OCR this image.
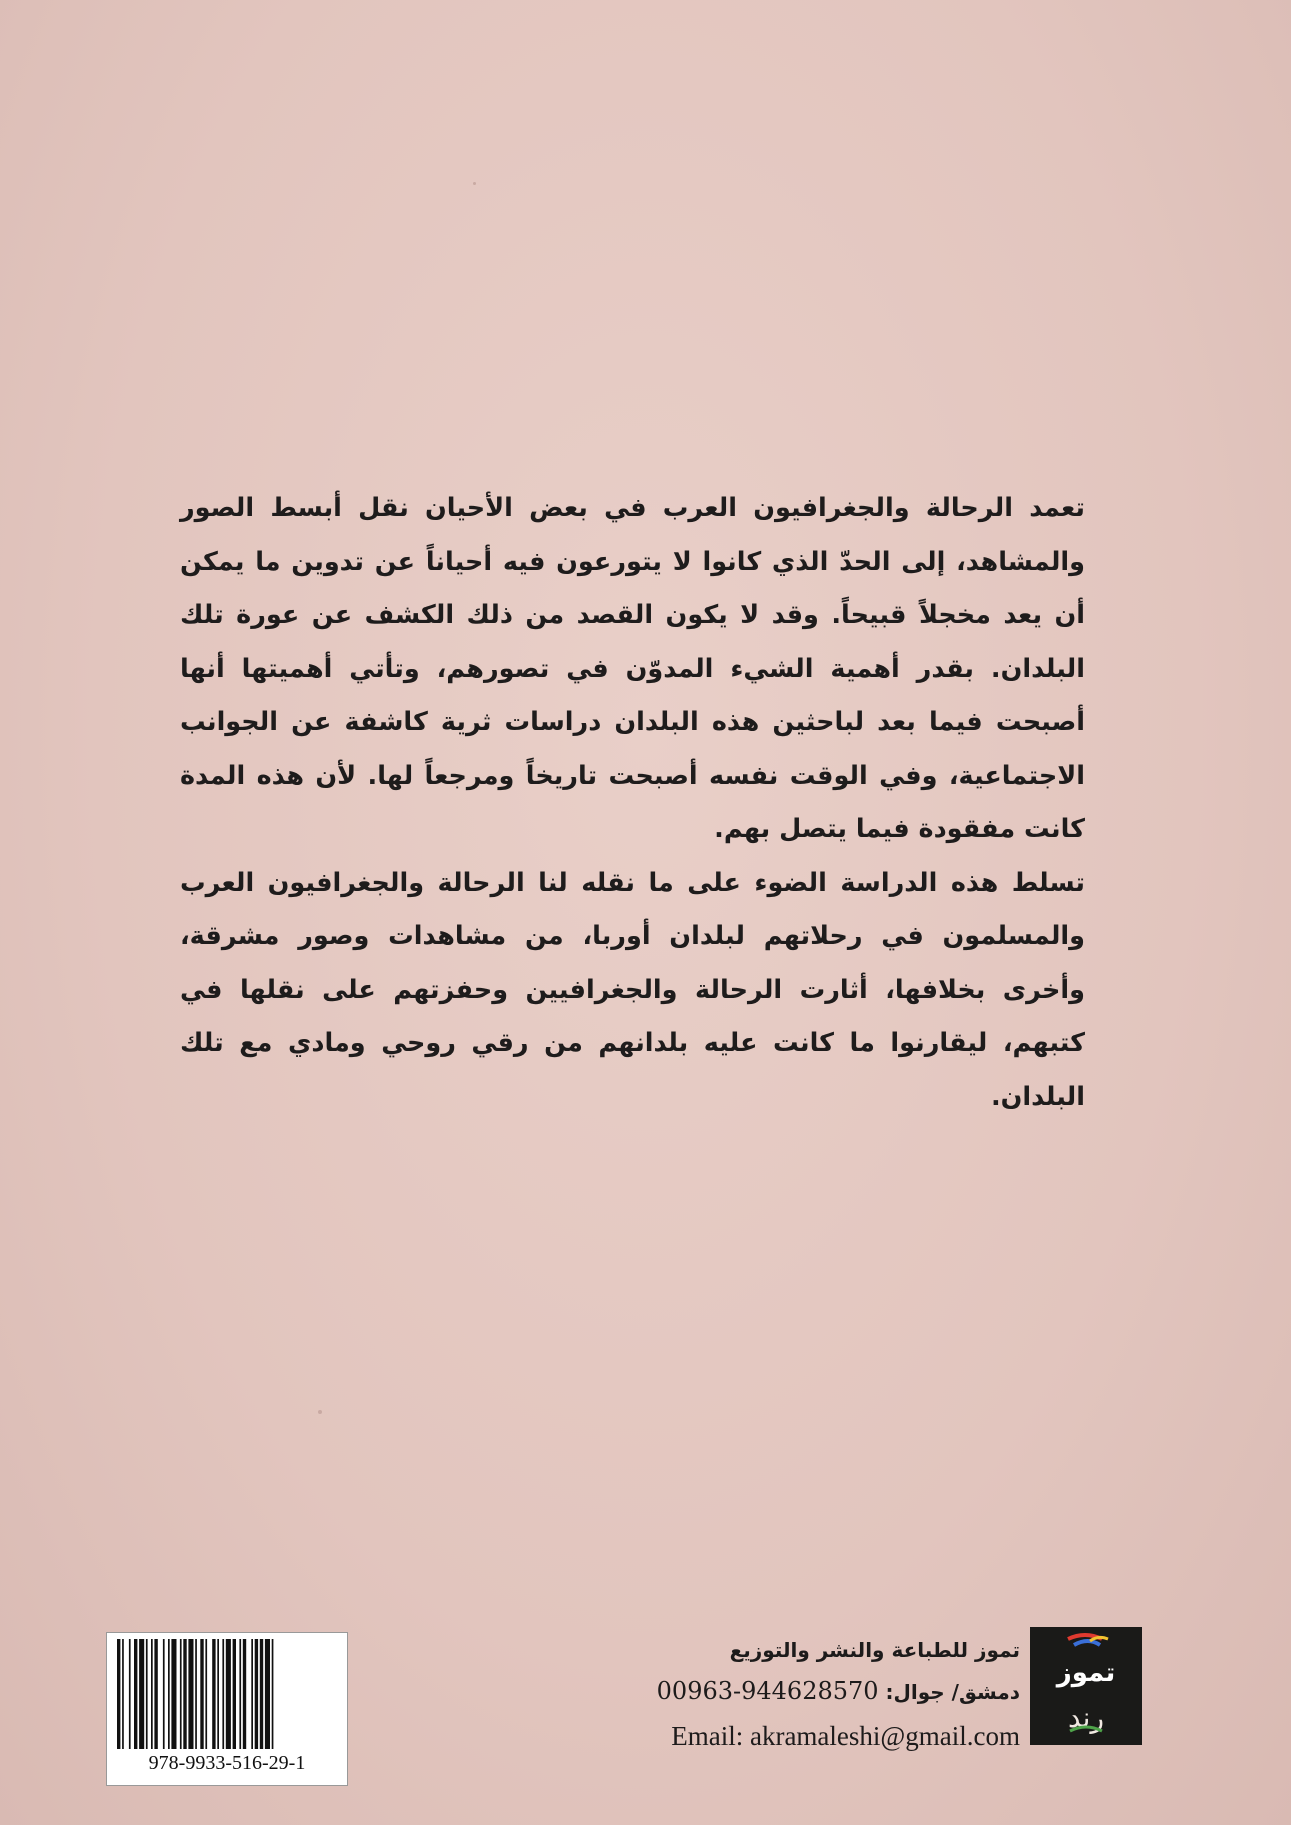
تعمد الرحالة والجغرافيون العرب في بعض الأحيان نقل أبسط الصور والمشاهد، إلى الحدّ الذي كانوا لا يتورعون فيه أحياناً عن تدوين ما يمكن أن يعد مخجلاً قبيحاً. وقد لا يكون القصد من ذلك الكشف عن عورة تلك البلدان. بقدر أهمية الشيء المدوّن في تصورهم، وتأتي أهميتها أنها أصبحت فيما بعد لباحثين هذه البلدان دراسات ثرية كاشفة عن الجوانب الاجتماعية، وفي الوقت نفسه أصبحت تاريخاً ومرجعاً لها. لأن هذه المدة كانت مفقودة فيما يتصل بهم.

تسلط هذه الدراسة الضوء على ما نقله لنا الرحالة والجغرافيون العرب والمسلمون في رحلاتهم لبلدان أوربا، من مشاهدات وصور مشرقة، وأخرى بخلافها، أثارت الرحالة والجغرافيين وحفزتهم على نقلها في كتبهم، ليقارنوا ما كانت عليه بلدانهم من رقي روحي ومادي مع تلك البلدان.

تموز للطباعة والنشر والتوزيع
دمشق/ جوال: 00963-944628570
Email: akramaleshi@gmail.com
تموز
رند
978-9933-516-29-1
